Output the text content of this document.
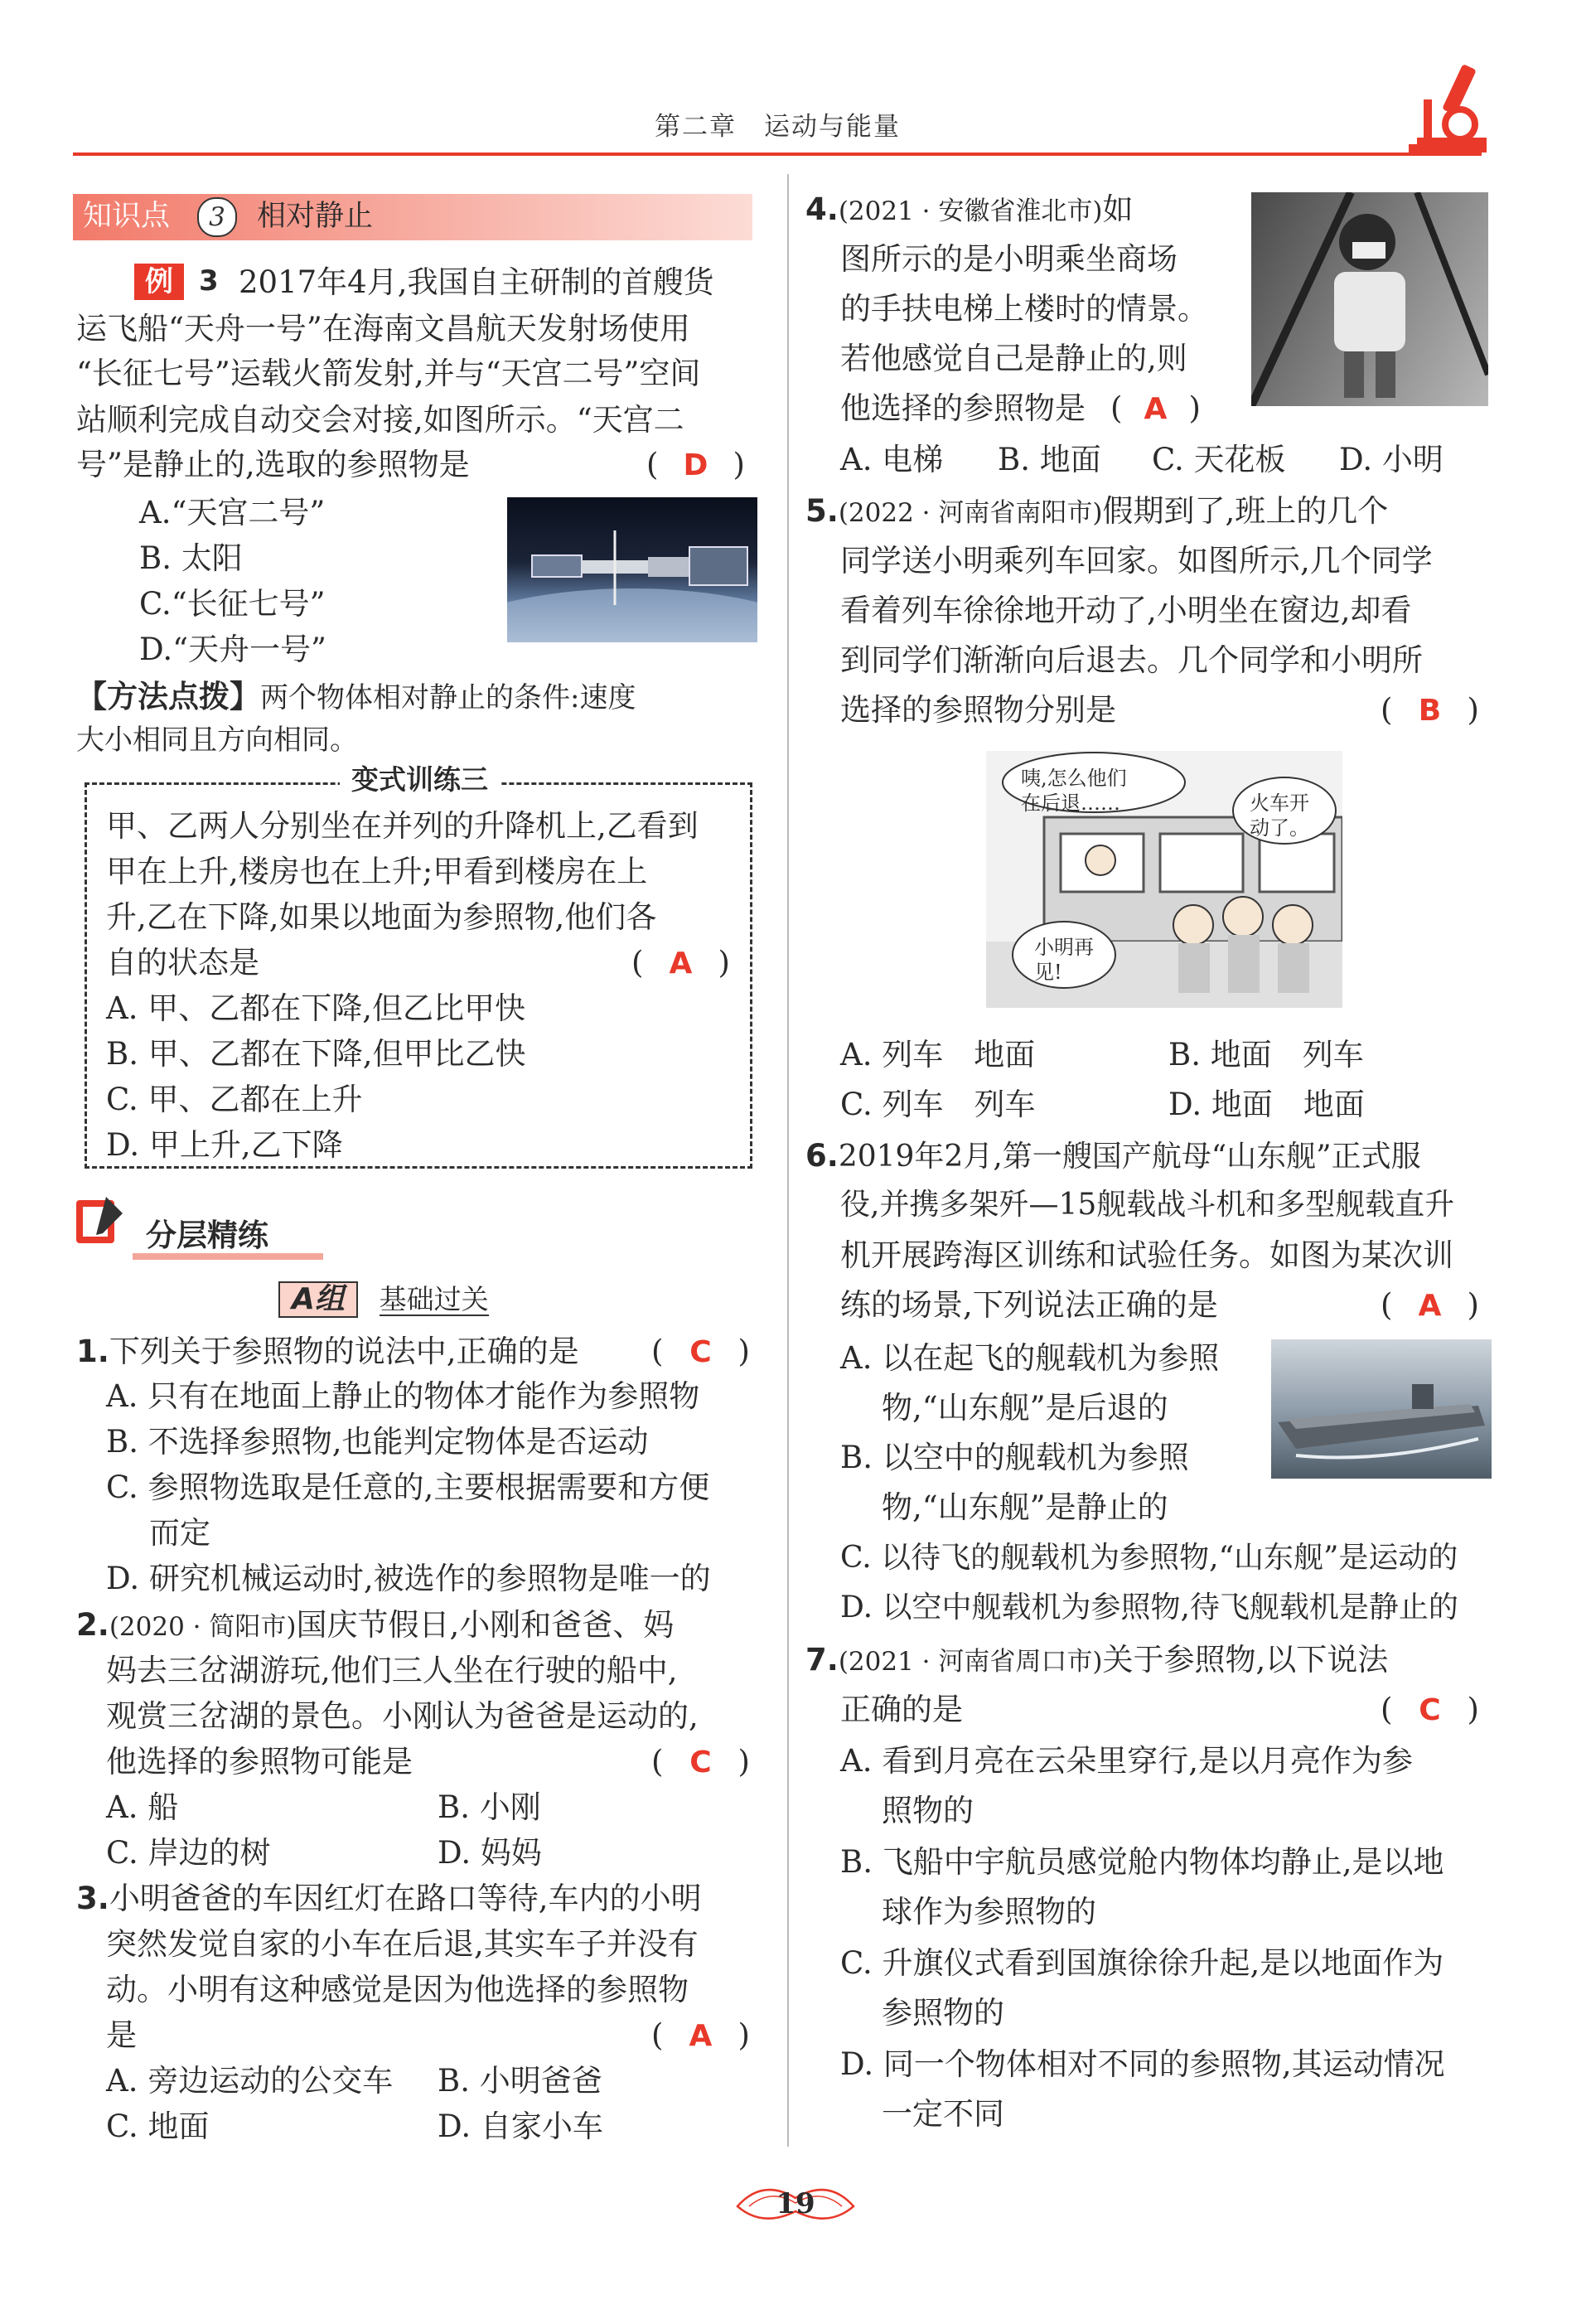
第二章　运动与能量
知识点	3	相对静止
例 3 2017年4月,我国自主研制的首艘货
运飞船“天舟一号”在海南文昌航天发射场使用
“长征七号”运载火箭发射,并与“天宫二号”空间
站顺利完成自动交会对接,如图所示。“天宫二
号”是静止的,选取的参照物是	( D )
A.“天宫二号”
B. 太阳
C.“长征七号”
D.“天舟一号”
【方法点拨】两个物体相对静止的条件:速度
大小相同且方向相同。
变式训练三
甲、乙两人分别坐在并列的升降机上,乙看到
甲在上升,楼房也在上升;甲看到楼房在上
升,乙在下降,如果以地面为参照物,他们各
自的状态是	( A )
A. 甲、乙都在下降,但乙比甲快
B. 甲、乙都在下降,但甲比乙快
C. 甲、乙都在上升
D. 甲上升,乙下降
分层精练
A组 基础过关
1.下列关于参照物的说法中,正确的是 ( C )
A. 只有在地面上静止的物体才能作为参照物
B. 不选择参照物,也能判定物体是否运动
C. 参照物选取是任意的,主要根据需要和方便
而定
D. 研究机械运动时,被选作的参照物是唯一的
2.(2020 · 简阳市)国庆节假日,小刚和爸爸、妈
妈去三岔湖游玩,他们三人坐在行驶的船中,
观赏三岔湖的景色。小刚认为爸爸是运动的,
他选择的参照物可能是	( C )
A. 船	B. 小刚
C. 岸边的树	D. 妈妈
3.小明爸爸的车因红灯在路口等待,车内的小明
突然发觉自家的小车在后退,其实车子并没有
动。小明有这种感觉是因为他选择的参照物
是	( A )
A. 旁边运动的公交车 B. 小明爸爸
C. 地面	D. 自家小车
4.(2021 · 安徽省淮北市)如
图所示的是小明乘坐商场
的手扶电梯上楼时的情景。
若他感觉自己是静止的,则
他选择的参照物是 ( A )
A. 电梯 B. 地面 C. 天花板 D. 小明
5.(2022 · 河南省南阳市)假期到了,班上的几个
同学送小明乘列车回家。如图所示,几个同学
看着列车徐徐地开动了,小明坐在窗边,却看
到同学们渐渐向后退去。几个同学和小明所
选择的参照物分别是	( B )
咦,怎么他们
在后退……	火车开
动了。
小明再
见!
A. 列车　地面	B. 地面　列车
C. 列车　列车	D. 地面　地面
6.2019年2月,第一艘国产航母“山东舰”正式服
役,并携多架歼—15舰载战斗机和多型舰载直升
机开展跨海区训练和试验任务。如图为某次训
练的场景,下列说法正确的是	( A )
A. 以在起飞的舰载机为参照
物,“山东舰”是后退的
B. 以空中的舰载机为参照
物,“山东舰”是静止的
C. 以待飞的舰载机为参照物,“山东舰”是运动的
D. 以空中舰载机为参照物,待飞舰载机是静止的
7.(2021 · 河南省周口市)关于参照物,以下说法
正确的是	( C )
A. 看到月亮在云朵里穿行,是以月亮作为参
照物的
B. 飞船中宇航员感觉舱内物体均静止,是以地
球作为参照物的
C. 升旗仪式看到国旗徐徐升起,是以地面作为
参照物的
D. 同一个物体相对不同的参照物,其运动情况
一定不同
19
